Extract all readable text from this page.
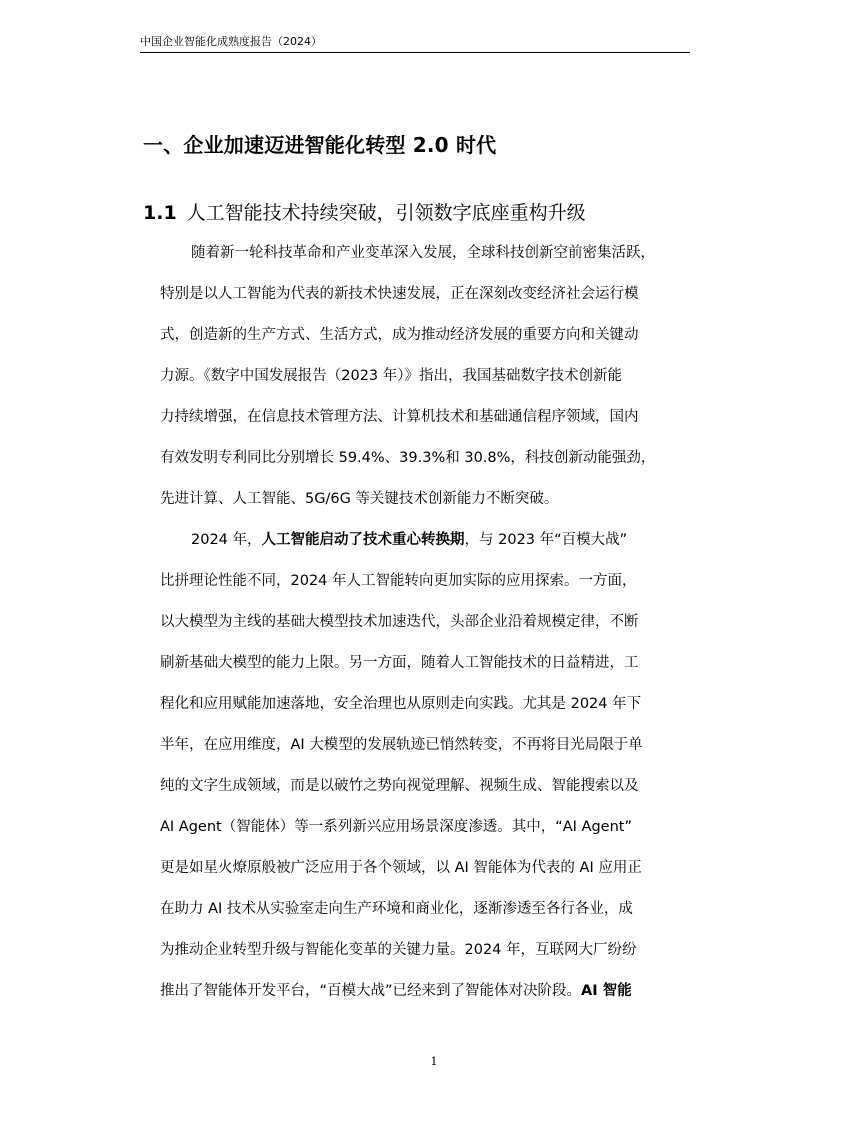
中国企业智能化成熟度报告（2024）
一、企业加速迈进智能化转型 2.0 时代
1.1 人工智能技术持续突破，引领数字底座重构升级
随着新一轮科技革命和产业变革深入发展，全球科技创新空前密集活跃，
特别是以人工智能为代表的新技术快速发展，正在深刻改变经济社会运行模
式，创造新的生产方式、生活方式，成为推动经济发展的重要方向和关键动
力源。《数字中国发展报告（2023 年）》指出，我国基础数字技术创新能
力持续增强，在信息技术管理方法、计算机技术和基础通信程序领域，国内
有效发明专利同比分别增长 59.4%、39.3%和 30.8%，科技创新动能强劲，
先进计算、人工智能、5G/6G 等关键技术创新能力不断突破。
2024 年，人工智能启动了技术重心转换期，与 2023 年“百模大战”
比拼理论性能不同，2024 年人工智能转向更加实际的应用探索。一方面，
以大模型为主线的基础大模型技术加速迭代，头部企业沿着规模定律，不断
刷新基础大模型的能力上限。另一方面，随着人工智能技术的日益精进，工
程化和应用赋能加速落地，安全治理也从原则走向实践。尤其是 2024 年下
半年，在应用维度，AI 大模型的发展轨迹已悄然转变，不再将目光局限于单
纯的文字生成领域，而是以破竹之势向视觉理解、视频生成、智能搜索以及
AI Agent（智能体）等一系列新兴应用场景深度渗透。其中，“AI Agent”
更是如星火燎原般被广泛应用于各个领域，以 AI 智能体为代表的 AI 应用正
在助力 AI 技术从实验室走向生产环境和商业化，逐渐渗透至各行各业，成
为推动企业转型升级与智能化变革的关键力量。2024 年，互联网大厂纷纷
推出了智能体开发平台，“百模大战”已经来到了智能体对决阶段。AI 智能
1
